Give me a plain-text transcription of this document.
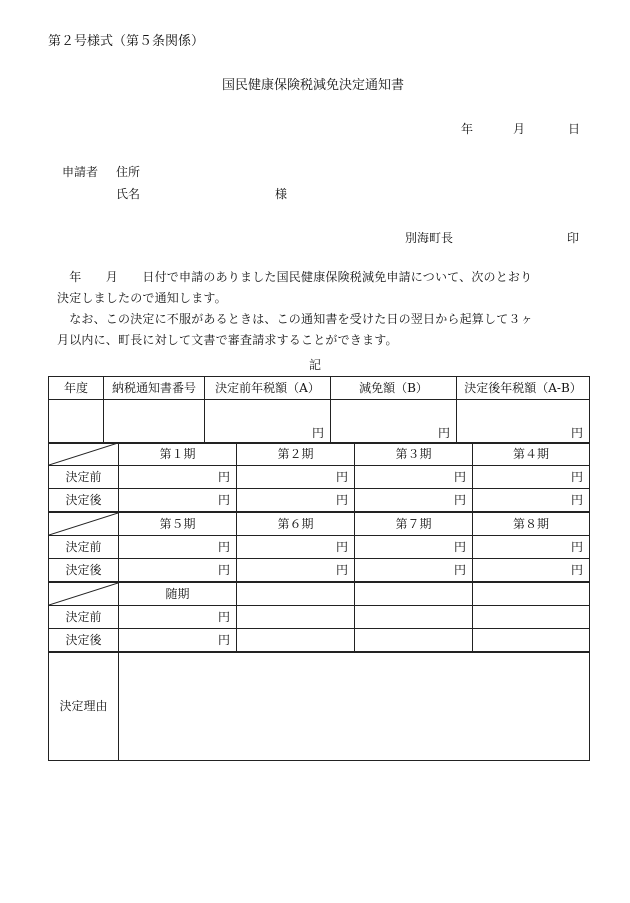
第２号様式（第５条関係）
国民健康保険税減免決定通知書
年	月	日
申請者 住所
氏名	様
別海町長	印
　年　　月　　日付で申請のありました国民健康保険税減免申請について、次のとおり
決定しましたので通知します。
　なお、この決定に不服があるときは、この通知書を受けた日の翌日から起算して３ヶ
月以内に、町長に対して文書で審査請求することができます。
記
年度	納税通知書番号	決定前年税額（A）	減免額（B）	決定後年税額（A-B）
		円	円	円
	第１期	第２期	第３期	第４期
決定前	円	円	円	円
決定後	円	円	円	円

	第５期	第６期	第７期	第８期
決定前	円	円	円	円
決定後	円	円	円	円

	随期			
決定前	円			
決定後	円			
決定理由				
